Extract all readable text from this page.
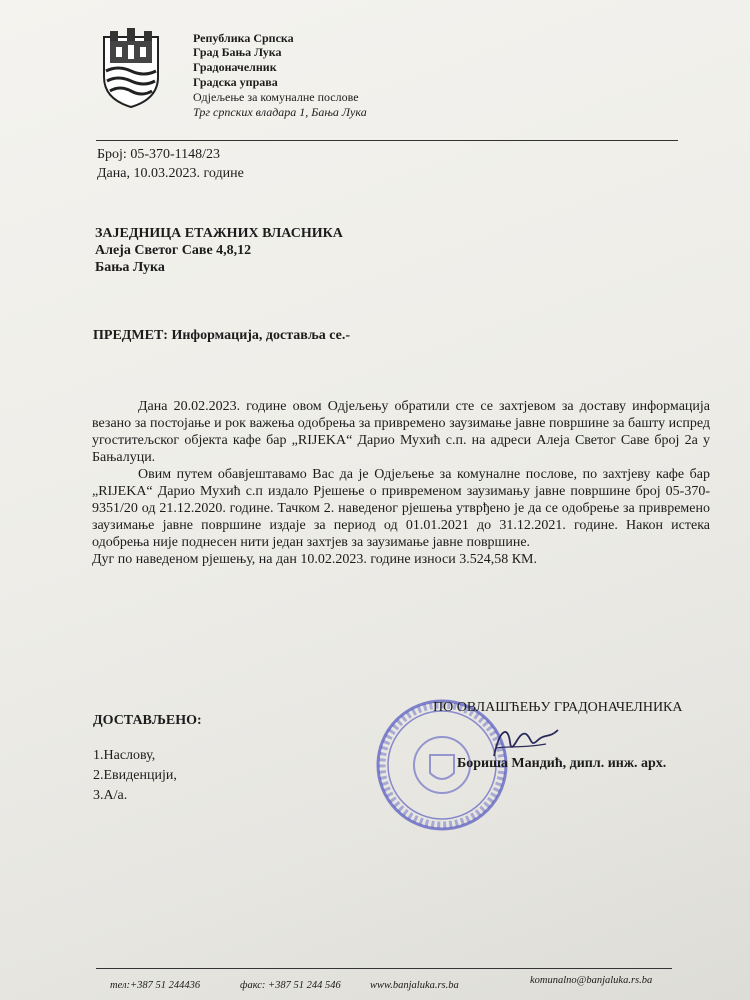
Република Српска
Град Бања Лука
Градоначелник
Градска управа
Одјељење за комуналне послове
Трг српских владара 1, Бања Лука
Број: 05-370-1148/23
Дана, 10.03.2023. године
ЗАЈЕДНИЦА ЕТАЖНИХ ВЛАСНИКА
Алеја Светог Саве 4,8,12
Бања Лука
ПРЕДМЕТ: Информација, доставља се.-

Дана 20.02.2023. године овом Одјељењу обратили сте се захтјевом за доставу информација везано за постојање и рок важења одобрења за привремено заузимање јавне површине за башту испред угоститељског објекта кафе бар „RIJEKA“ Дарио Мухић с.п. на адреси Алеја Светог Саве број 2а у Бањалуци.

Овим путем обавјештавамо Вас да је Одјељење за комуналне послове, по захтјеву кафе бар „RIJEKA“ Дарио Мухић с.п издало Рјешење о привременом заузимању јавне површине број 05-370-9351/20 од 21.12.2020. године. Тачком 2. наведеног рјешења утврђено је да се одобрење за привремено заузимање јавне површине издаје за период од 01.01.2021 до 31.12.2021. године. Након истека одобрења није поднесен нити један захтјев за заузимање јавне површине.

Дуг по наведеном рјешењу, на дан 10.02.2023. године износи 3.524,58 КМ.

ДОСТАВЉЕНО:
1.Наслову,
2.Евиденцији,
3.А/а.
ПО ОВЛАШЋЕЊУ ГРАДОНАЧЕЛНИКА
Бориша Мандић, дипл. инж. арх.
тел:+387 51 244436	факс: +387 51 244 546	www.banjaluka.rs.ba	komunalno@banjaluka.rs.ba
